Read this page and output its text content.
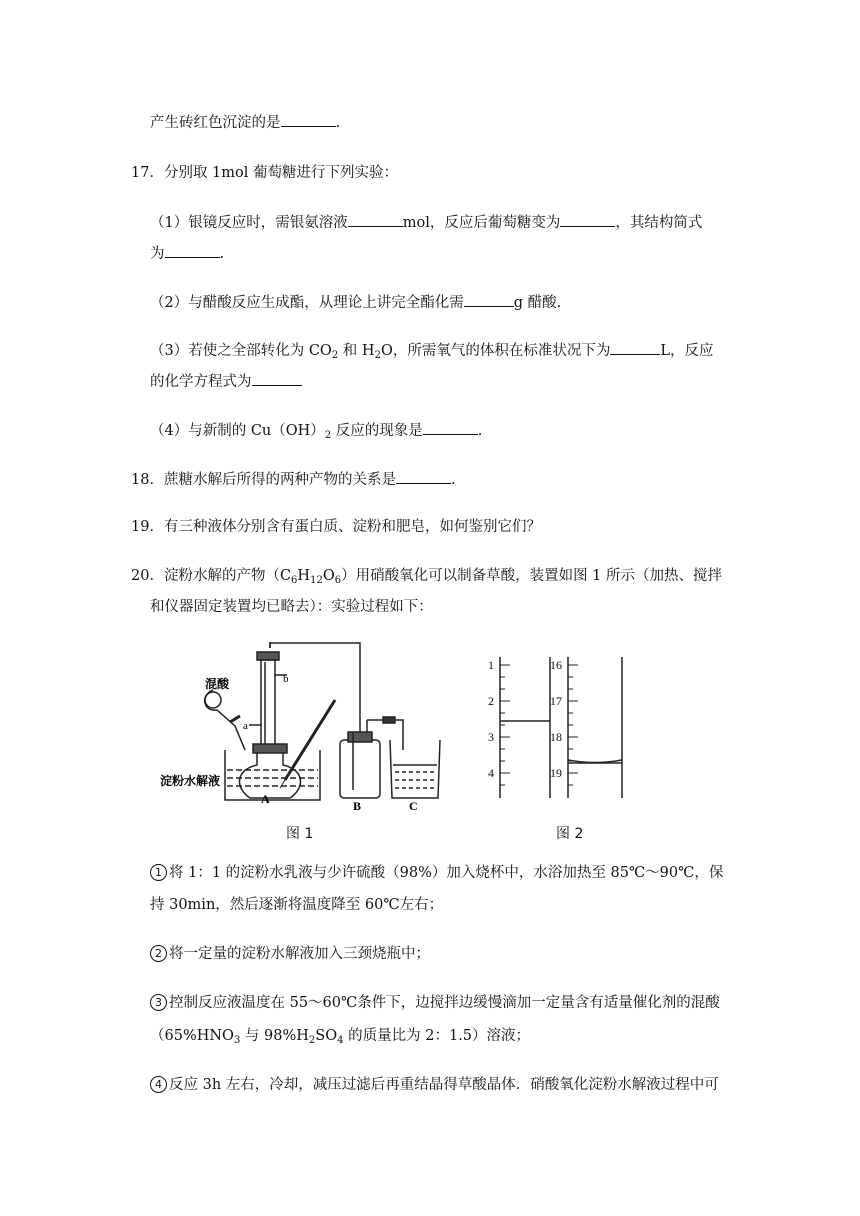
产生砖红色沉淀的是	.
17．分别取 1mol 葡萄糖进行下列实验：
（1）银镜反应时，需银氨溶液	mol，反应后葡萄糖变为	，其结构简式
为	.
（2）与醋酸反应生成酯，从理论上讲完全酯化需	g 醋酸.
（3）若使之全部转化为 $CO_2$ 和 $H_2O$，所需氧气的体积在标准状况下为	L，反应
的化学方程式为
（4）与新制的 $Cu(OH)_2$ 反应的现象是	.
18．蔗糖水解后所得的两种产物的关系是	.
19．有三种液体分别含有蛋白质、淀粉和肥皂，如何鉴别它们？
20．淀粉水解的产物$(C_6H_{12}O_6)$用硝酸氧化可以制备草酸，装置如图 1 所示（加热、搅拌
和仪器固定装置均已略去）：实验过程如下：
混酸
a
b
淀粉水解液
A	B	C
1
2
3
4
16
17
18
19
图 1	图 2
1 将 1：1 的淀粉水乳液与少许硫酸（98%）加入烧杯中，水浴加热至 85℃～90℃，保
持 30min，然后逐渐将温度降至 60℃左右；
2 将一定量的淀粉水解液加入三颈烧瓶中；
3 控制反应液温度在 55～60℃条件下，边搅拌边缓慢滴加一定量含有适量催化剂的混酸
（$65\%HNO_3$ 与 $98\%H_2SO_4$ 的质量比为 2：1.5）溶液；
4 反应 3h 左右，冷却，减压过滤后再重结晶得草酸晶体．硝酸氧化淀粉水解液过程中可
